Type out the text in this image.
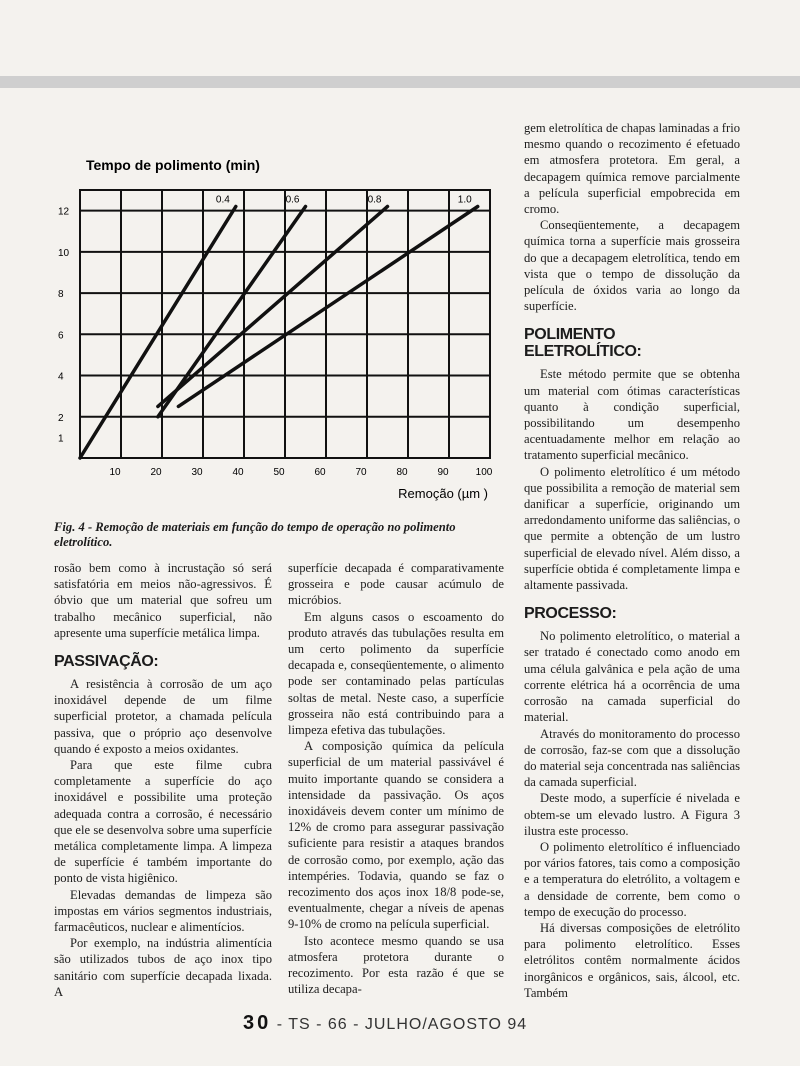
Tempo de polimento (min)
Remoção (µm )
10	20	30	40	50	60	70	80	90	100
1
2
4
6
8
10
12
0.4	0.6	0.8	1.0
Fig. 4 - Remoção de materiais em função do tempo de operação no polimento eletrolítico.

rosão bem como à incrustação só será satisfatória em meios não-agressivos. É óbvio que um material que sofreu um trabalho mecânico superficial, não apresente uma superfície metálica limpa.

PASSIVAÇÃO:

A resistência à corrosão de um aço inoxidável depende de um filme superficial protetor, a chamada película passiva, que o próprio aço desenvolve quando é exposto a meios oxidantes.

Para que este filme cubra completamente a superfície do aço inoxidável e possibilite uma proteção adequada contra a corrosão, é necessário que ele se desenvolva sobre uma superfície metálica completamente limpa. A limpeza de superfície é também importante do ponto de vista higiênico.

Elevadas demandas de limpeza são impostas em vários segmentos industriais, farmacêuticos, nuclear e alimentícios.

Por exemplo, na indústria alimentícia são utilizados tubos de aço inox tipo sanitário com superfície decapada lixada. A

superfície decapada é comparativamente grosseira e pode causar acúmulo de micróbios.

Em alguns casos o escoamento do produto através das tubulações resulta em um certo polimento da superfície decapada e, conseqüentemente, o alimento pode ser contaminado pelas partículas soltas de metal. Neste caso, a superfície grosseira não está contribuindo para a limpeza efetiva das tubulações.

A composição química da película superficial de um material passivável é muito importante quando se considera a intensidade da passivação. Os aços inoxidáveis devem conter um mínimo de 12% de cromo para assegurar passivação suficiente para resistir a ataques brandos de corrosão como, por exemplo, ação das intempéries. Todavia, quando se faz o recozimento dos aços inox 18/8 pode-se, eventualmente, chegar a níveis de apenas 9-10% de cromo na película superficial.

Isto acontece mesmo quando se usa atmosfera protetora durante o recozimento. Por esta razão é que se utiliza decapa-

gem eletrolítica de chapas laminadas a frio mesmo quando o recozimento é efetuado em atmosfera protetora. Em geral, a decapagem química remove parcialmente a película superficial empobrecida em cromo.

Conseqüentemente, a decapagem química torna a superfície mais grosseira do que a decapagem eletrolítica, tendo em vista que o tempo de dissolução da película de óxidos varia ao longo da superfície.

POLIMENTO ELETROLÍTICO:

Este método permite que se obtenha um material com ótimas características quanto à condição superficial, possibilitando um desempenho acentuadamente melhor em relação ao tratamento superficial mecânico.

O polimento eletrolítico é um método que possibilita a remoção de material sem danificar a superfície, originando um arredondamento uniforme das saliências, o que permite a obtenção de um lustro superficial de elevado nível. Além disso, a superfície obtida é completamente limpa e altamente passivada.

PROCESSO:

No polimento eletrolítico, o material a ser tratado é conectado como anodo em uma célula galvânica e pela ação de uma corrente elétrica há a ocorrência de uma corrosão na camada superficial do material.

Através do monitoramento do processo de corrosão, faz-se com que a dissolução do material seja concentrada nas saliências da camada superficial.

Deste modo, a superfície é nivelada e obtem-se um elevado lustro. A Figura 3 ilustra este processo.

O polimento eletrolítico é influenciado por vários fatores, tais como a composição e a temperatura do eletrólito, a voltagem e a densidade de corrente, bem como o tempo de execução do processo.

Há diversas composições de eletrólito para polimento eletrolítico. Esses eletrólitos contêm normalmente ácidos inorgânicos e orgânicos, sais, álcool, etc. Também

30 - TS - 66 - JULHO/AGOSTO 94
